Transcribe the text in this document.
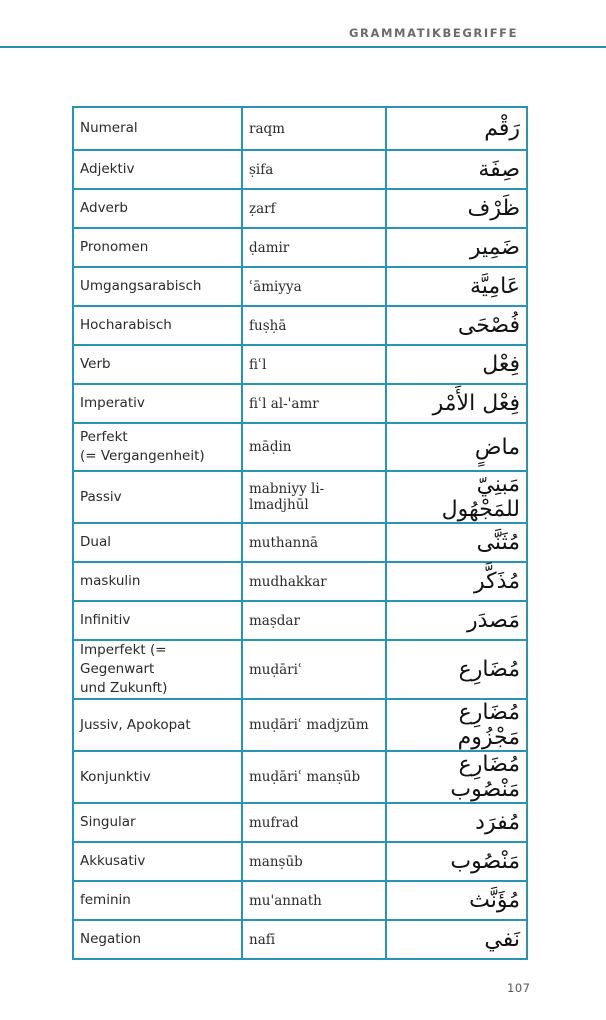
GRAMMATIKBEGRIFFE
Numeral	raqm	رَقْم
Adjektiv	ṣifa	صِفَة
Adverb	ẓarf	ظَرْف
Pronomen	ḍamir	ضَمِير
Umgangsarabisch	ʿāmiyya	عَامِيَّة
Hocharabisch	fuṣḥā	فُصْحَى
Verb	fiʿl	فِعْل
Imperativ	fiʿl al-'amr	فِعْل الأَمْر

Perfekt
(= Vergangenheit)	māḍin	ماضٍ
Passiv	mabniyy li-lmadjhūl	مَبنِيّ للمَجْهُول
Dual	muthannā	مُثَنَّى
maskulin	mudhakkar	مُذَكَّر
Infinitiv	maṣdar	مَصدَر

Imperfekt (= Gegenwart
und Zukunft)	muḍāriʿ	مُضَارِع
Jussiv, Apokopat	muḍāriʿ madjzūm	مُضَارِع مَجْزُوم
Konjunktiv	muḍāriʿ manṣūb	مُضَارِع مَنْصُوب
Singular	mufrad	مُفرَد
Akkusativ	manṣūb	مَنْصُوب
feminin	mu'annath	مُؤَنَّث
Negation	nafī	نَفي
107
